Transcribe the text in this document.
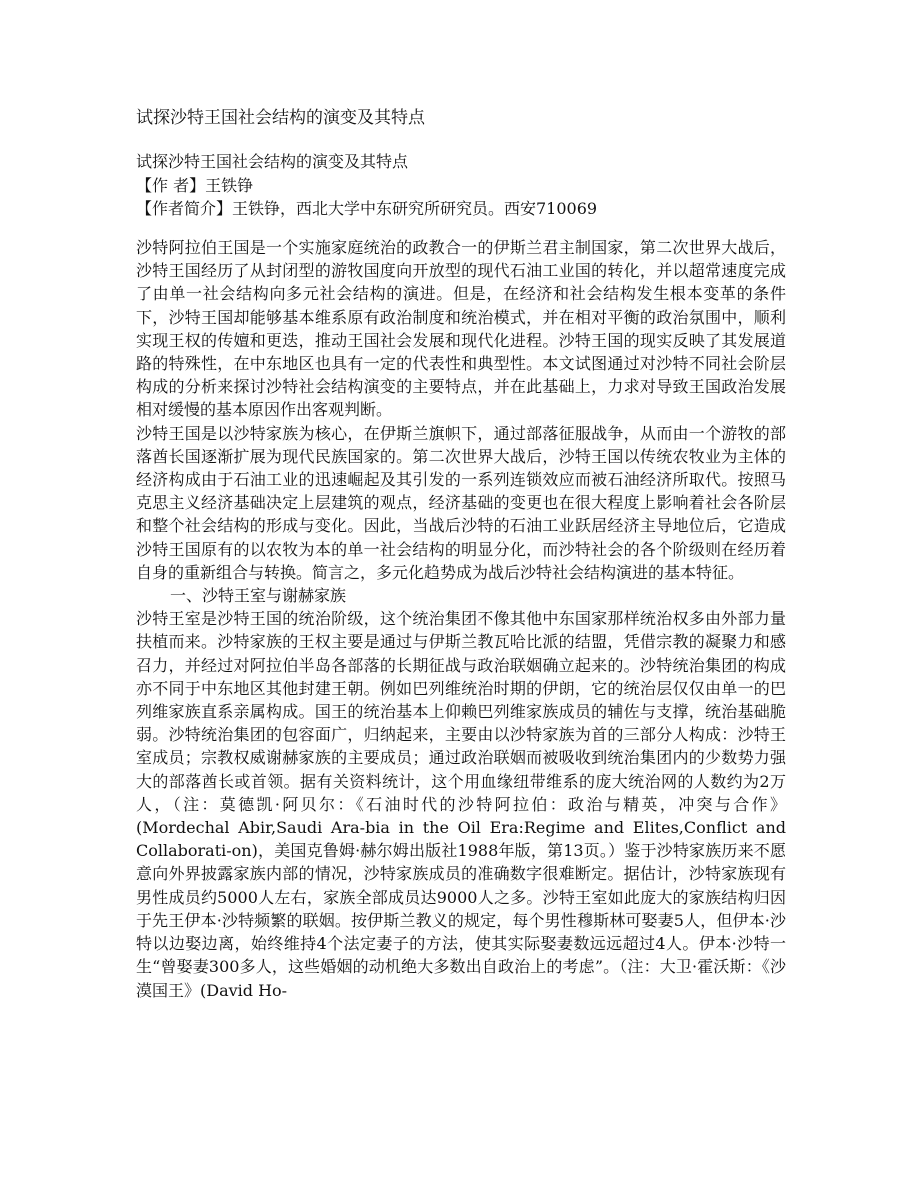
试探沙特王国社会结构的演变及其特点

试探沙特王国社会结构的演变及其特点

【作 者】王铁铮

【作者简介】王铁铮，西北大学中东研究所研究员。西安710069

沙特阿拉伯王国是一个实施家庭统治的政教合一的伊斯兰君主制国家，第二次世界大战后，沙特王国经历了从封闭型的游牧国度向开放型的现代石油工业国的转化，并以超常速度完成了由单一社会结构向多元社会结构的演进。但是，在经济和社会结构发生根本变革的条件下，沙特王国却能够基本维系原有政治制度和统治模式，并在相对平衡的政治氛围中，顺利实现王权的传嬗和更迭，推动王国社会发展和现代化进程。沙特王国的现实反映了其发展道路的特殊性，在中东地区也具有一定的代表性和典型性。本文试图通过对沙特不同社会阶层构成的分析来探讨沙特社会结构演变的主要特点，并在此基础上，力求对导致王国政治发展相对缓慢的基本原因作出客观判断。

沙特王国是以沙特家族为核心，在伊斯兰旗帜下，通过部落征服战争，从而由一个游牧的部落酋长国逐渐扩展为现代民族国家的。第二次世界大战后，沙特王国以传统农牧业为主体的经济构成由于石油工业的迅速崛起及其引发的一系列连锁效应而被石油经济所取代。按照马克思主义经济基础决定上层建筑的观点，经济基础的变更也在很大程度上影响着社会各阶层和整个社会结构的形成与变化。因此，当战后沙特的石油工业跃居经济主导地位后，它造成沙特王国原有的以农牧为本的单一社会结构的明显分化，而沙特社会的各个阶级则在经历着自身的重新组合与转换。简言之，多元化趋势成为战后沙特社会结构演进的基本特征。

一、沙特王室与谢赫家族

沙特王室是沙特王国的统治阶级，这个统治集团不像其他中东国家那样统治权多由外部力量扶植而来。沙特家族的王权主要是通过与伊斯兰教瓦哈比派的结盟，凭借宗教的凝聚力和感召力，并经过对阿拉伯半岛各部落的长期征战与政治联姻确立起来的。沙特统治集团的构成亦不同于中东地区其他封建王朝。例如巴列维统治时期的伊朗，它的统治层仅仅由单一的巴列维家族直系亲属构成。国王的统治基本上仰赖巴列维家族成员的辅佐与支撑，统治基础脆弱。沙特统治集团的包容面广，归纳起来，主要由以沙特家族为首的三部分人构成：沙特王室成员；宗教权威谢赫家族的主要成员；通过政治联姻而被吸收到统治集团内的少数势力强大的部落酋长或首领。据有关资料统计，这个用血缘纽带维系的庞大统治网的人数约为2万人，（注：莫德凯·阿贝尔：《石油时代的沙特阿拉伯：政治与精英，冲突与合作》(Mordechal Abir,Saudi Ara-bia in the Oil Era:Regime and Elites,Conflict and Collaborati-on)，美国克鲁姆·赫尔姆出版社1988年版，第13页。）鉴于沙特家族历来不愿意向外界披露家族内部的情况，沙特家族成员的准确数字很难断定。据估计，沙特家族现有男性成员约5000人左右，家族全部成员达9000人之多。沙特王室如此庞大的家族结构归因于先王伊本·沙特频繁的联姻。按伊斯兰教义的规定，每个男性穆斯林可娶妻5人，但伊本·沙特以边娶边离，始终维持4个法定妻子的方法，使其实际娶妻数远远超过4人。伊本·沙特一生“曾娶妻300多人，这些婚姻的动机绝大多数出自政治上的考虑”。（注：大卫·霍沃斯：《沙漠国王》(David Ho-
